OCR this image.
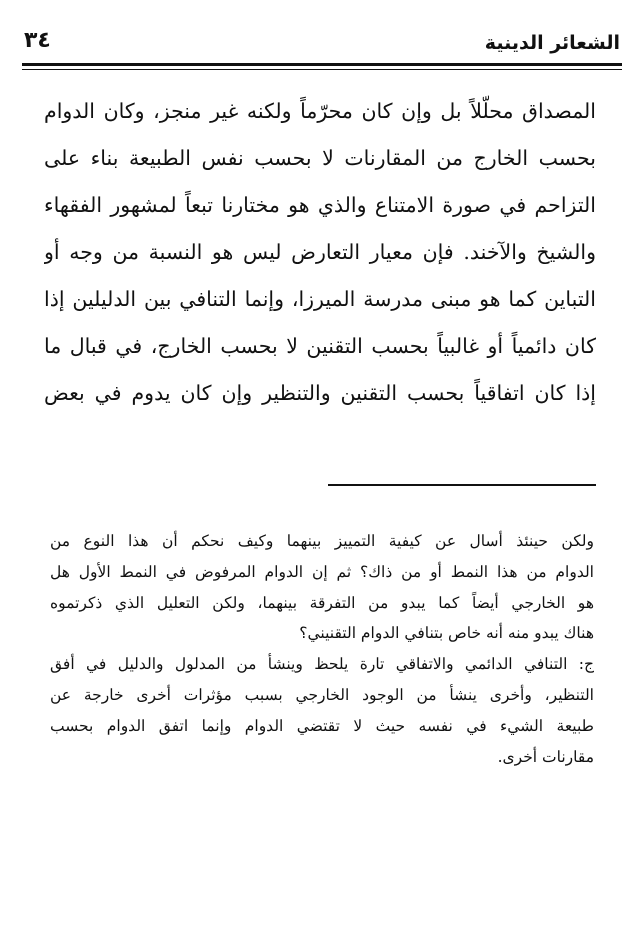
الشعائر الدينية
٣٤
المصداق محلّلاً بل وإن كان محرّماً ولكنه غير منجز، وكان الدوام
بحسب الخارج من المقارنات لا بحسب نفس الطبيعة بناء على
التزاحم في صورة الامتناع والذي هو مختارنا تبعاً لمشهور الفقهاء
والشيخ والآخند. فإن معيار التعارض ليس هو النسبة من وجه أو
التباين كما هو مبنى مدرسة الميرزا، وإنما التنافي بين الدليلين إذا
كان دائمياً أو غالبياً بحسب التقنين لا بحسب الخارج، في قبال ما
إذا كان اتفاقياً بحسب التقنين والتنظير وإن كان يدوم في بعض
ولكن حينئذ أسال عن كيفية التمييز بينهما وكيف نحكم أن هذا النوع من
الدوام من هذا النمط أو من ذاك؟ ثم إن الدوام المرفوض في النمط الأول هل
هو الخارجي أيضاً كما يبدو من التفرقة بينهما، ولكن التعليل الذي ذكرتموه
هناك يبدو منه أنه خاص بتنافي الدوام التقنيني؟
ج: التنافي الدائمي والاتفاقي تارة يلحظ وينشأ من المدلول والدليل في أفق
التنظير، وأخرى ينشأ من الوجود الخارجي بسبب مؤثرات أخرى خارجة عن
طبيعة الشيء في نفسه حيث لا تقتضي الدوام وإنما اتفق الدوام بحسب
مقارنات أخرى.
